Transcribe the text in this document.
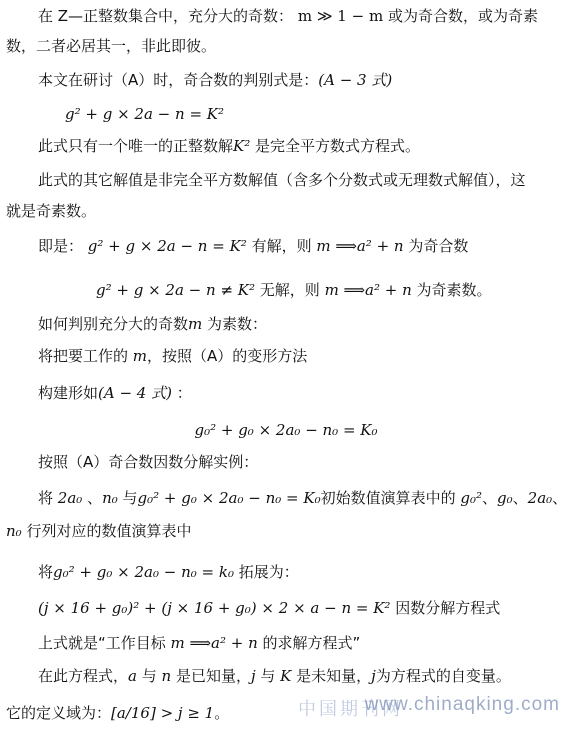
在 Z—正整数集合中，充分大的奇数： m ≫ 1 − m 或为奇合数，或为奇素
数，二者必居其一，非此即彼。
本文在研讨（A）时，奇合数的判别式是：(A − 3 式)
g² + g × 2a − n = K²
此式只有一个唯一的正整数解K² 是完全平方数式方程式。
此式的其它解值是非完全平方数解值（含多个分数式或无理数式解值），这
就是奇素数。
即是： g² + g × 2a − n = K² 有解，则 m ⟹a² + n 为奇合数
g² + g × 2a − n ≠ K² 无解，则 m ⟹a² + n 为奇素数。
如何判别充分大的奇数m 为素数：
将把要工作的 m，按照（A）的变形方法
构建形如(A − 4 式) ：
g₀² + g₀ × 2a₀ − n₀ = K₀
按照（A）奇合数因数分解实例：
将 2a₀ 、n₀ 与g₀² + g₀ × 2a₀ − n₀ = K₀初始数值演算表中的 g₀²、g₀、2a₀、
n₀ 行列对应的数值演算表中
将g₀² + g₀ × 2a₀ − n₀ = k₀ 拓展为：
(j × 16 + g₀)² + (j × 16 + g₀) × 2 × a − n = K² 因数分解方程式
上式就是“工作目标 m ⟹a² + n 的求解方程式”
在此方程式，a 与 n 是已知量，j 与 K 是未知量，j为方程式的自变量。
它的定义域为：[a/16] > j ≥ 1。	中国期刊网
www.chinaqking.com
